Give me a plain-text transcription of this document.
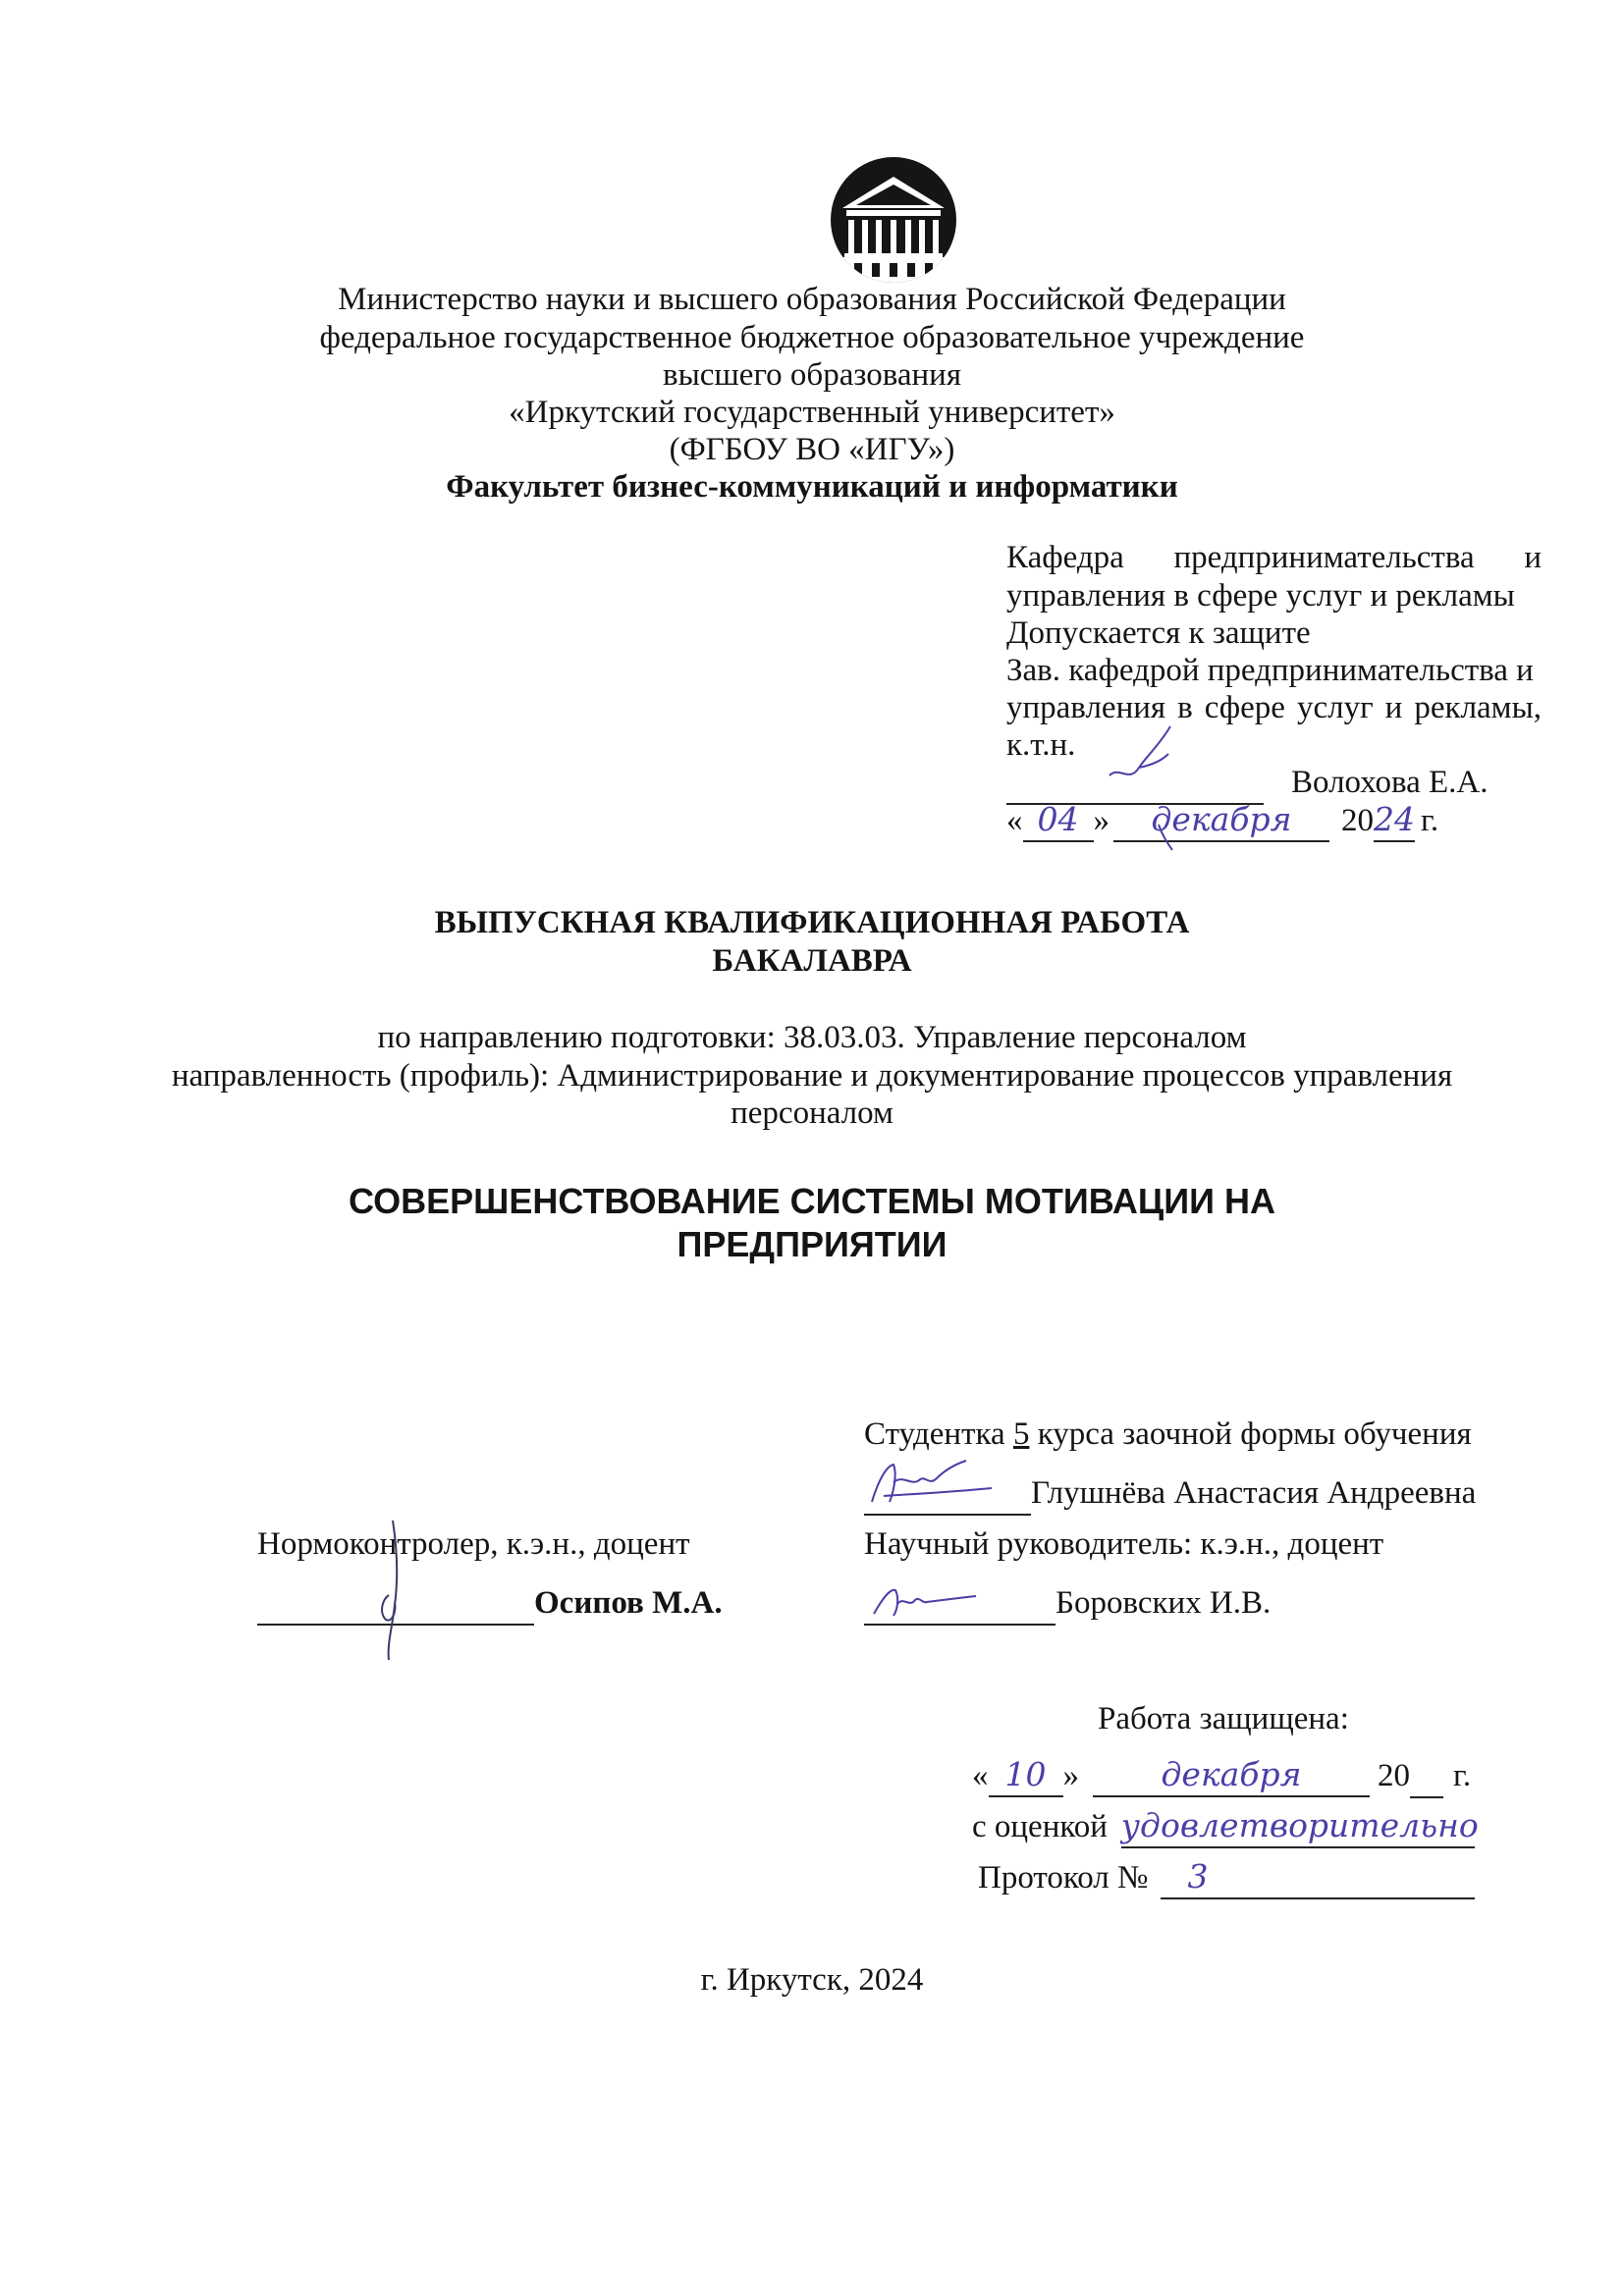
Министерство науки и высшего образования Российской Федерации
федеральное государственное бюджетное образовательное учреждение
высшего образования
«Иркутский государственный университет»
(ФГБОУ ВО «ИГУ»)
Факультет бизнес-коммуникаций и информатики
Кафедра предпринимательства и
управления в сфере услуг и рекламы
Допускается к защите
Зав. кафедрой предпринимательства и
управления в сфере услуг и рекламы,
к.т.н.
Волохова Е.А.
« 04 » декабря 2024 г.
ВЫПУСКНАЯ КВАЛИФИКАЦИОННАЯ РАБОТА
БАКАЛАВРА
по направлению подготовки: 38.03.03. Управление персоналом
направленность (профиль): Администрирование и документирование процессов управления
персоналом
СОВЕРШЕНСТВОВАНИЕ СИСТЕМЫ МОТИВАЦИИ НА
ПРЕДПРИЯТИИ
Студентка 5 курса заочной формы обучения
Глушнёва Анастасия Андреевна
Нормоконтролер, к.э.н., доцент	Научный руководитель: к.э.н., доцент
Осипов М.А.	Боровских И.В.
Работа защищена:
« 10 »	декабря 20 г.
с оценкой удовлетворительно
Протокол № 3
г. Иркутск, 2024
